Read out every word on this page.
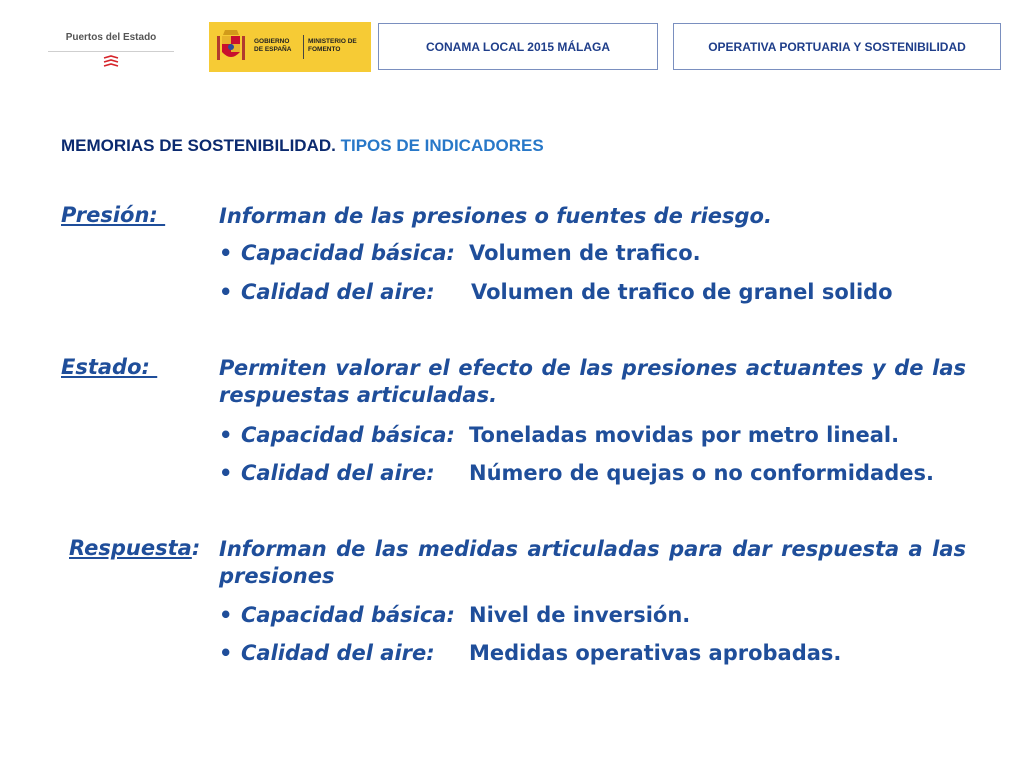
Puertos del Estado	GOBIERNO DE ESPAÑA
MINISTERIO DE FOMENTO	CONAMA LOCAL 2015 MÁLAGA	OPERATIVA PORTUARIA Y SOSTENIBILIDAD
MEMORIAS DE SOSTENIBILIDAD. TIPOS DE INDICADORES
Presión:	Informan de las presiones o fuentes de riesgo.
• Capacidad básica: Volumen de trafico.
• Calidad del aire: Volumen de trafico de granel solido
Estado:	Permiten valorar el efecto de las presiones actuantes y de las respuestas articuladas.
• Capacidad básica: Toneladas movidas por metro lineal.
• Calidad del aire: Número de quejas o no conformidades.
Respuesta: Informan de las medidas articuladas para dar respuesta a las presiones
• Capacidad básica: Nivel de inversión.
• Calidad del aire: Medidas operativas aprobadas.
